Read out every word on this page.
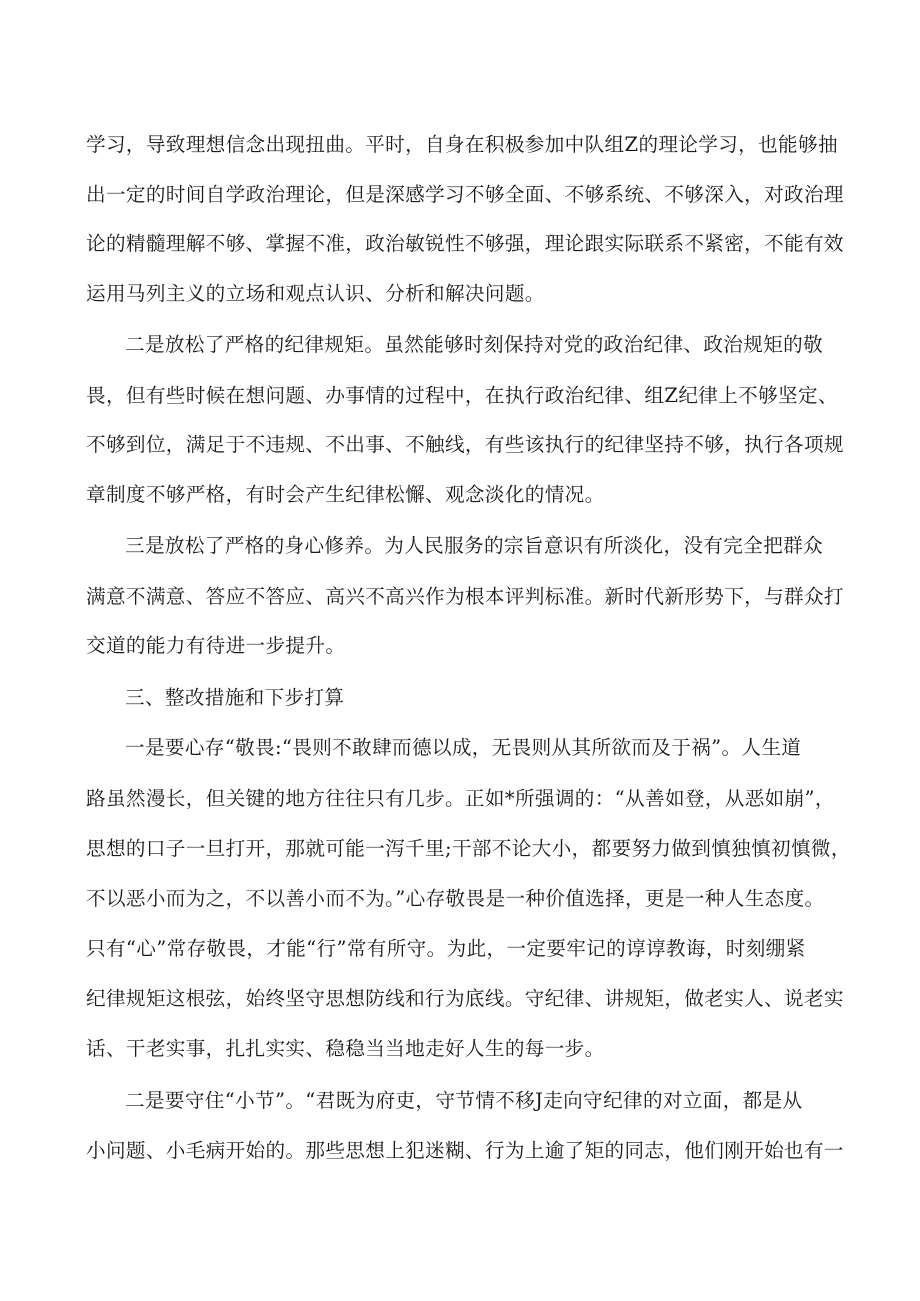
学习，导致理想信念出现扭曲。平时，自身在积极参加中队组Z的理论学习，也能够抽
出一定的时间自学政治理论，但是深感学习不够全面、不够系统、不够深入，对政治理
论的精髓理解不够、掌握不准，政治敏锐性不够强，理论跟实际联系不紧密，不能有效
运用马列主义的立场和观点认识、分析和解决问题。
二是放松了严格的纪律规矩。虽然能够时刻保持对党的政治纪律、政治规矩的敬
畏，但有些时候在想问题、办事情的过程中，在执行政治纪律、组Z纪律上不够坚定、
不够到位，满足于不违规、不出事、不触线，有些该执行的纪律坚持不够，执行各项规
章制度不够严格，有时会产生纪律松懈、观念淡化的情况。
三是放松了严格的身心修养。为人民服务的宗旨意识有所淡化，没有完全把群众
满意不满意、答应不答应、高兴不高兴作为根本评判标准。新时代新形势下，与群众打
交道的能力有待进一步提升。
三、整改措施和下步打算
一是要心存“敬畏:“畏则不敢肆而德以成，无畏则从其所欲而及于祸”。人生道
路虽然漫长，但关键的地方往往只有几步。正如*所强调的：“从善如登，从恶如崩”，
思想的口子一旦打开，那就可能一泻千里;干部不论大小，都要努力做到慎独慎初慎微，
不以恶小而为之，不以善小而不为。”心存敬畏是一种价值选择，更是一种人生态度。
只有“心”常存敬畏，才能“行”常有所守。为此，一定要牢记的谆谆教诲，时刻绷紧
纪律规矩这根弦，始终坚守思想防线和行为底线。守纪律、讲规矩，做老实人、说老实
话、干老实事，扎扎实实、稳稳当当地走好人生的每一步。
二是要守住“小节”。“君既为府吏，守节情不移J走向守纪律的对立面，都是从
小问题、小毛病开始的。那些思想上犯迷糊、行为上逾了矩的同志，他们刚开始也有一
